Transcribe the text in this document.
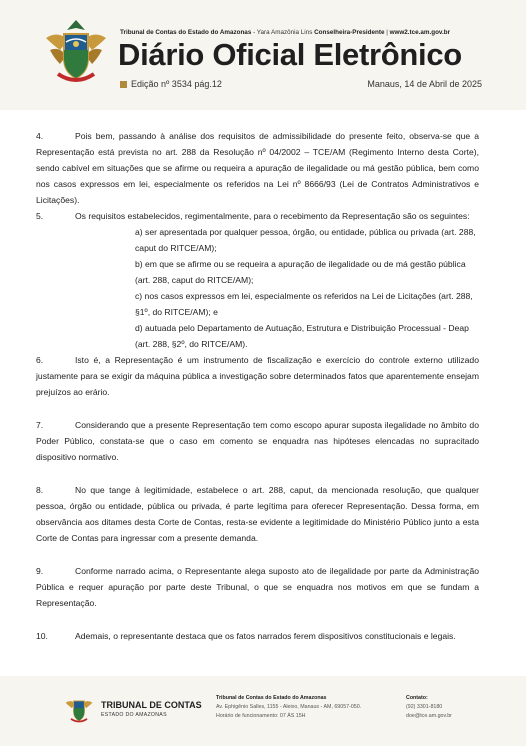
Tribunal de Contas do Estado do Amazonas - Yara Amazônia Lins Conselheira-Presidente | www2.tce.am.gov.br
Diário Oficial Eletrônico
Edição nº 3534 pág.12	Manaus, 14 de Abril de 2025
4.	Pois bem, passando à análise dos requisitos de admissibilidade do presente feito, observa-se que a Representação está prevista no art. 288 da Resolução nº 04/2002 – TCE/AM (Regimento Interno desta Corte), sendo cabível em situações que se afirme ou requeira a apuração de ilegalidade ou má gestão pública, bem como nos casos expressos em lei, especialmente os referidos na Lei nº 8666/93 (Lei de Contratos Administrativos e Licitações).
5.	Os requisitos estabelecidos, regimentalmente, para o recebimento da Representação são os seguintes:
a) ser apresentada por qualquer pessoa, órgão, ou entidade, pública ou privada (art. 288, caput do RITCE/AM);
b) em que se afirme ou se requeira a apuração de ilegalidade ou de má gestão pública (art. 288, caput do RITCE/AM);
c) nos casos expressos em lei, especialmente os referidos na Lei de Licitações (art. 288, §1º, do RITCE/AM); e
d) autuada pelo Departamento de Autuação, Estrutura e Distribuição Processual - Deap (art. 288, §2º, do RITCE/AM).
6.	Isto é, a Representação é um instrumento de fiscalização e exercício do controle externo utilizado justamente para se exigir da máquina pública a investigação sobre determinados fatos que aparentemente ensejam prejuízos ao erário.
7.	Considerando que a presente Representação tem como escopo apurar suposta ilegalidade no âmbito do Poder Público, constata-se que o caso em comento se enquadra nas hipóteses elencadas no supracitado dispositivo normativo.
8.	No que tange à legitimidade, estabelece o art. 288, caput, da mencionada resolução, que qualquer pessoa, órgão ou entidade, pública ou privada, é parte legítima para oferecer Representação. Dessa forma, em observância aos ditames desta Corte de Contas, resta-se evidente a legitimidade do Ministério Público junto a esta Corte de Contas para ingressar com a presente demanda.
9.	Conforme narrado acima, o Representante alega suposto ato de ilegalidade por parte da Administração Pública e requer apuração por parte deste Tribunal, o que se enquadra nos motivos em que se fundam a Representação.
10.	Ademais, o representante destaca que os fatos narrados ferem dispositivos constitucionais e legais.
TRIBUNAL DE CONTAS
ESTADO DO AMAZONAS
Tribunal de Contas do Estado do Amazonas
Av. Ephigênio Salles, 1155 - Aleixo, Manaus - AM, 69057-050.
Horário de funcionamento: 07 ÀS 15H
Contato:
(92) 3301-8180
doe@tce.am.gov.br
